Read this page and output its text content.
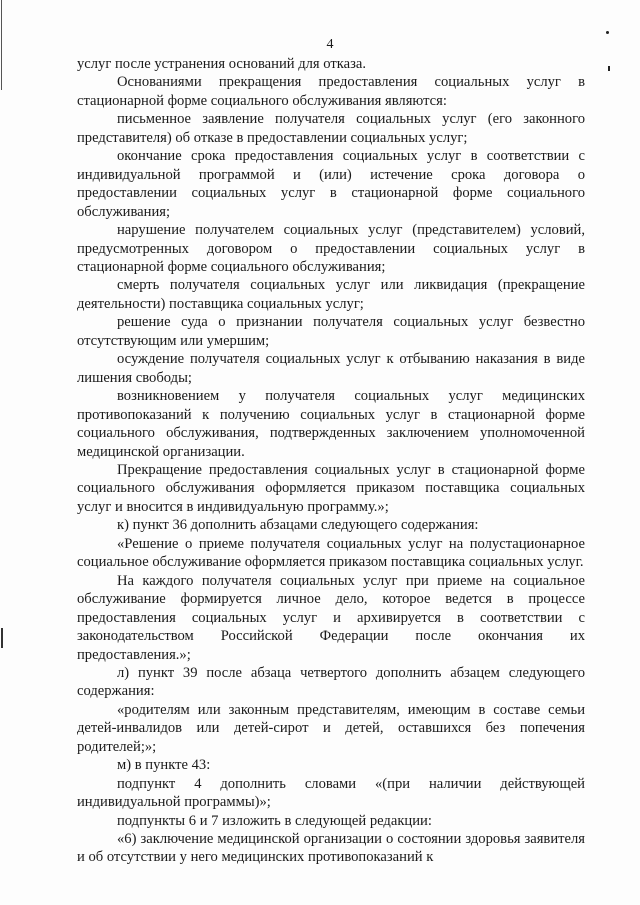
4

услуг после устранения оснований для отказа.

Основаниями прекращения предоставления социальных услуг в стационарной форме социального обслуживания являются:

письменное заявление получателя социальных услуг (его законного представителя) об отказе в предоставлении социальных услуг;

окончание срока предоставления социальных услуг в соответствии с индивидуальной программой и (или) истечение срока договора о предоставлении социальных услуг в стационарной форме социального обслуживания;

нарушение получателем социальных услуг (представителем) условий, предусмотренных договором о предоставлении социальных услуг в стационарной форме социального обслуживания;

смерть получателя социальных услуг или ликвидация (прекращение деятельности) поставщика социальных услуг;

решение суда о признании получателя социальных услуг безвестно отсутствующим или умершим;

осуждение получателя социальных услуг к отбыванию наказания в виде лишения свободы;

возникновением у получателя социальных услуг медицинских противопоказаний к получению социальных услуг в стационарной форме социального обслуживания, подтвержденных заключением уполномоченной медицинской организации.

Прекращение предоставления социальных услуг в стационарной форме социального обслуживания оформляется приказом поставщика социальных услуг и вносится в индивидуальную программу.»;

к) пункт 36 дополнить абзацами следующего содержания:

«Решение о приеме получателя социальных услуг на полустационарное социальное обслуживание оформляется приказом поставщика социальных услуг.

На каждого получателя социальных услуг при приеме на социальное обслуживание формируется личное дело, которое ведется в процессе предоставления социальных услуг и архивируется в соответствии с законодательством Российской Федерации после окончания их предоставления.»;

л) пункт 39 после абзаца четвертого дополнить абзацем следующего содержания:

«родителям или законным представителям, имеющим в составе семьи детей-инвалидов или детей-сирот и детей, оставшихся без попечения родителей;»;

м) в пункте 43:

подпункт 4 дополнить словами «(при наличии действующей индивидуальной программы)»;

подпункты 6 и 7 изложить в следующей редакции:

«6) заключение медицинской организации о состоянии здоровья заявителя и об отсутствии у него медицинских противопоказаний к
